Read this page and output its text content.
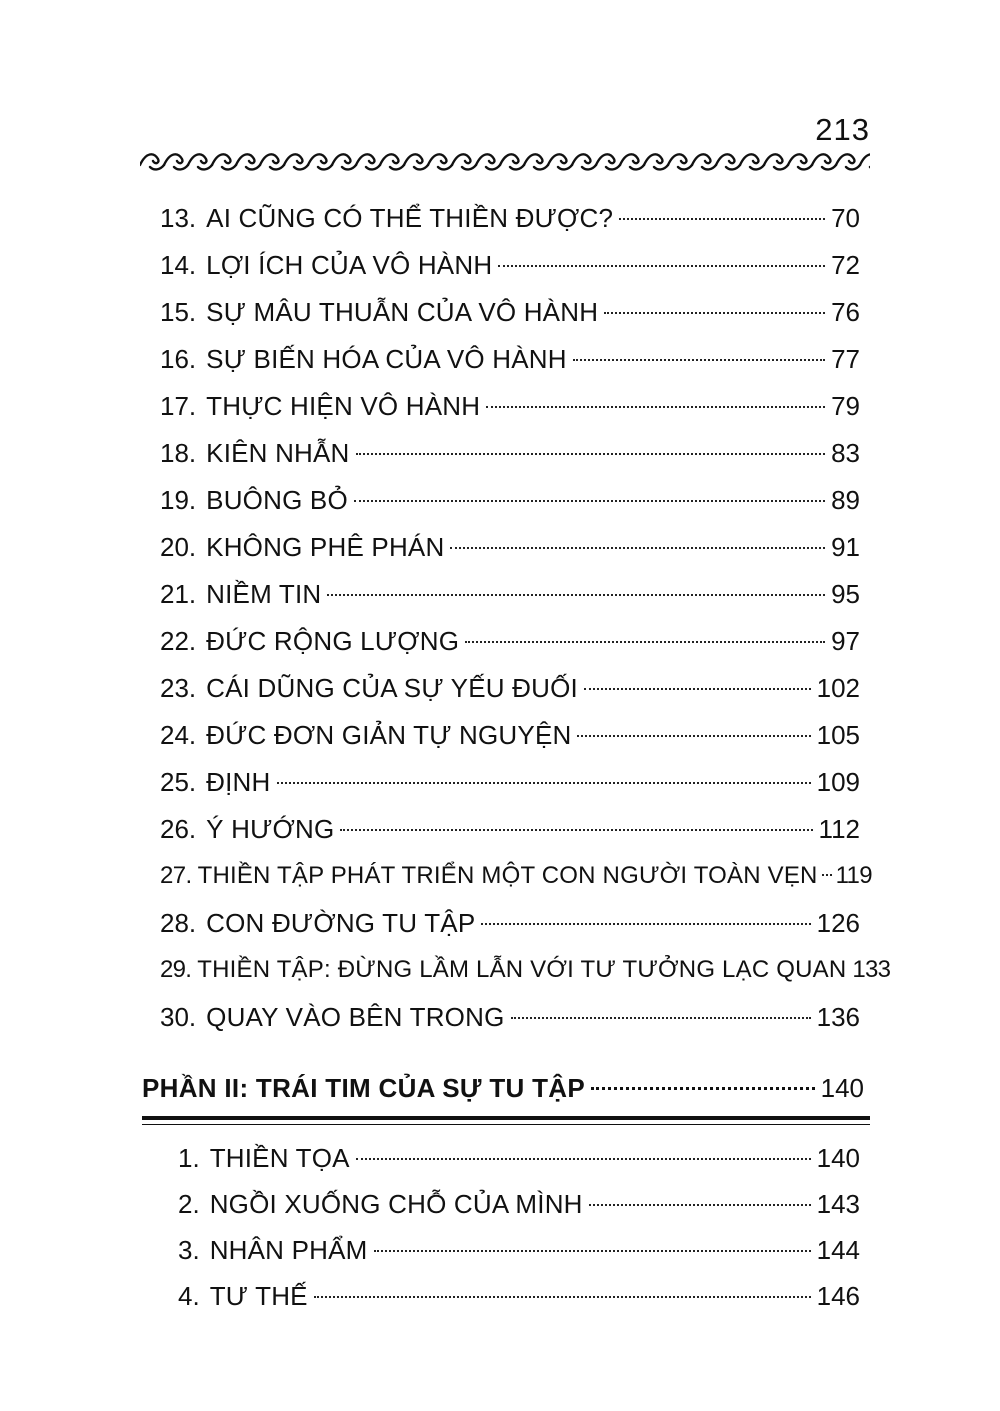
213
13. AI CŨNG CÓ THỂ THIỀN ĐƯỢC?	70
14. LỢI ÍCH CỦA VÔ HÀNH	72
15. SỰ MÂU THUẪN CỦA VÔ HÀNH	76
16. SỰ BIẾN HÓA CỦA VÔ HÀNH	77
17. THỰC HIỆN VÔ HÀNH	79
18. KIÊN NHẪN	83
19. BUÔNG BỎ	89
20. KHÔNG PHÊ PHÁN	91
21. NIỀM TIN	95
22. ĐỨC RỘNG LƯỢNG	97
23. CÁI DŨNG CỦA SỰ YẾU ĐUỐI	102
24. ĐỨC ĐƠN GIẢN TỰ NGUYỆN	105
25. ĐỊNH	109
26. Ý HƯỚNG	112
27. THIỀN TẬP PHÁT TRIỂN MỘT CON NGƯỜI TOÀN VẸN 119
28. CON ĐƯỜNG TU TẬP	126
29. THIỀN TẬP: ĐỪNG LẦM LẪN VỚI TƯ TƯỞNG LẠC QUAN 133
30. QUAY VÀO BÊN TRONG	136
PHẦN II: TRÁI TIM CỦA SỰ TU TẬP	140
1. THIỀN TỌA	140
2. NGỒI XUỐNG CHỖ CỦA MÌNH	143
3. NHÂN PHẨM	144
4. TƯ THẾ	146
